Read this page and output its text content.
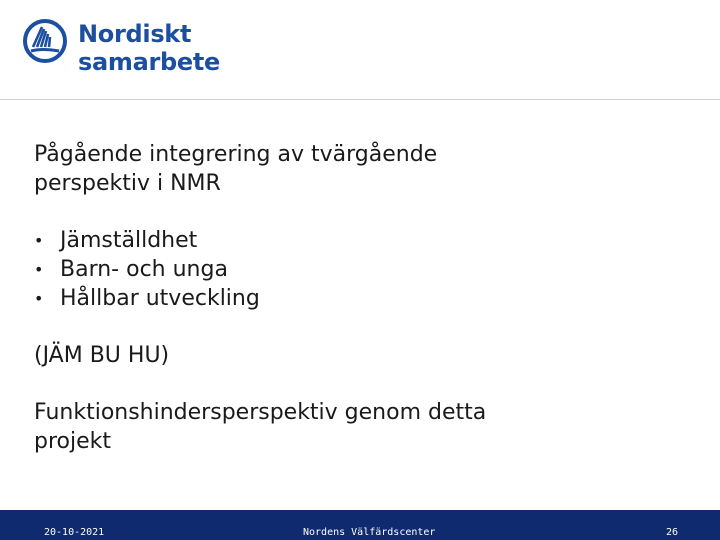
Nordiskt
samarbete

Pågående integrering av tvärgående
perspektiv i NMR

• Jämställdhet
• Barn- och unga
• Hållbar utveckling

(JÄM BU HU)

Funktionshindersperspektiv genom detta
projekt

20-10-2021	Nordens Välfärdscenter	26
